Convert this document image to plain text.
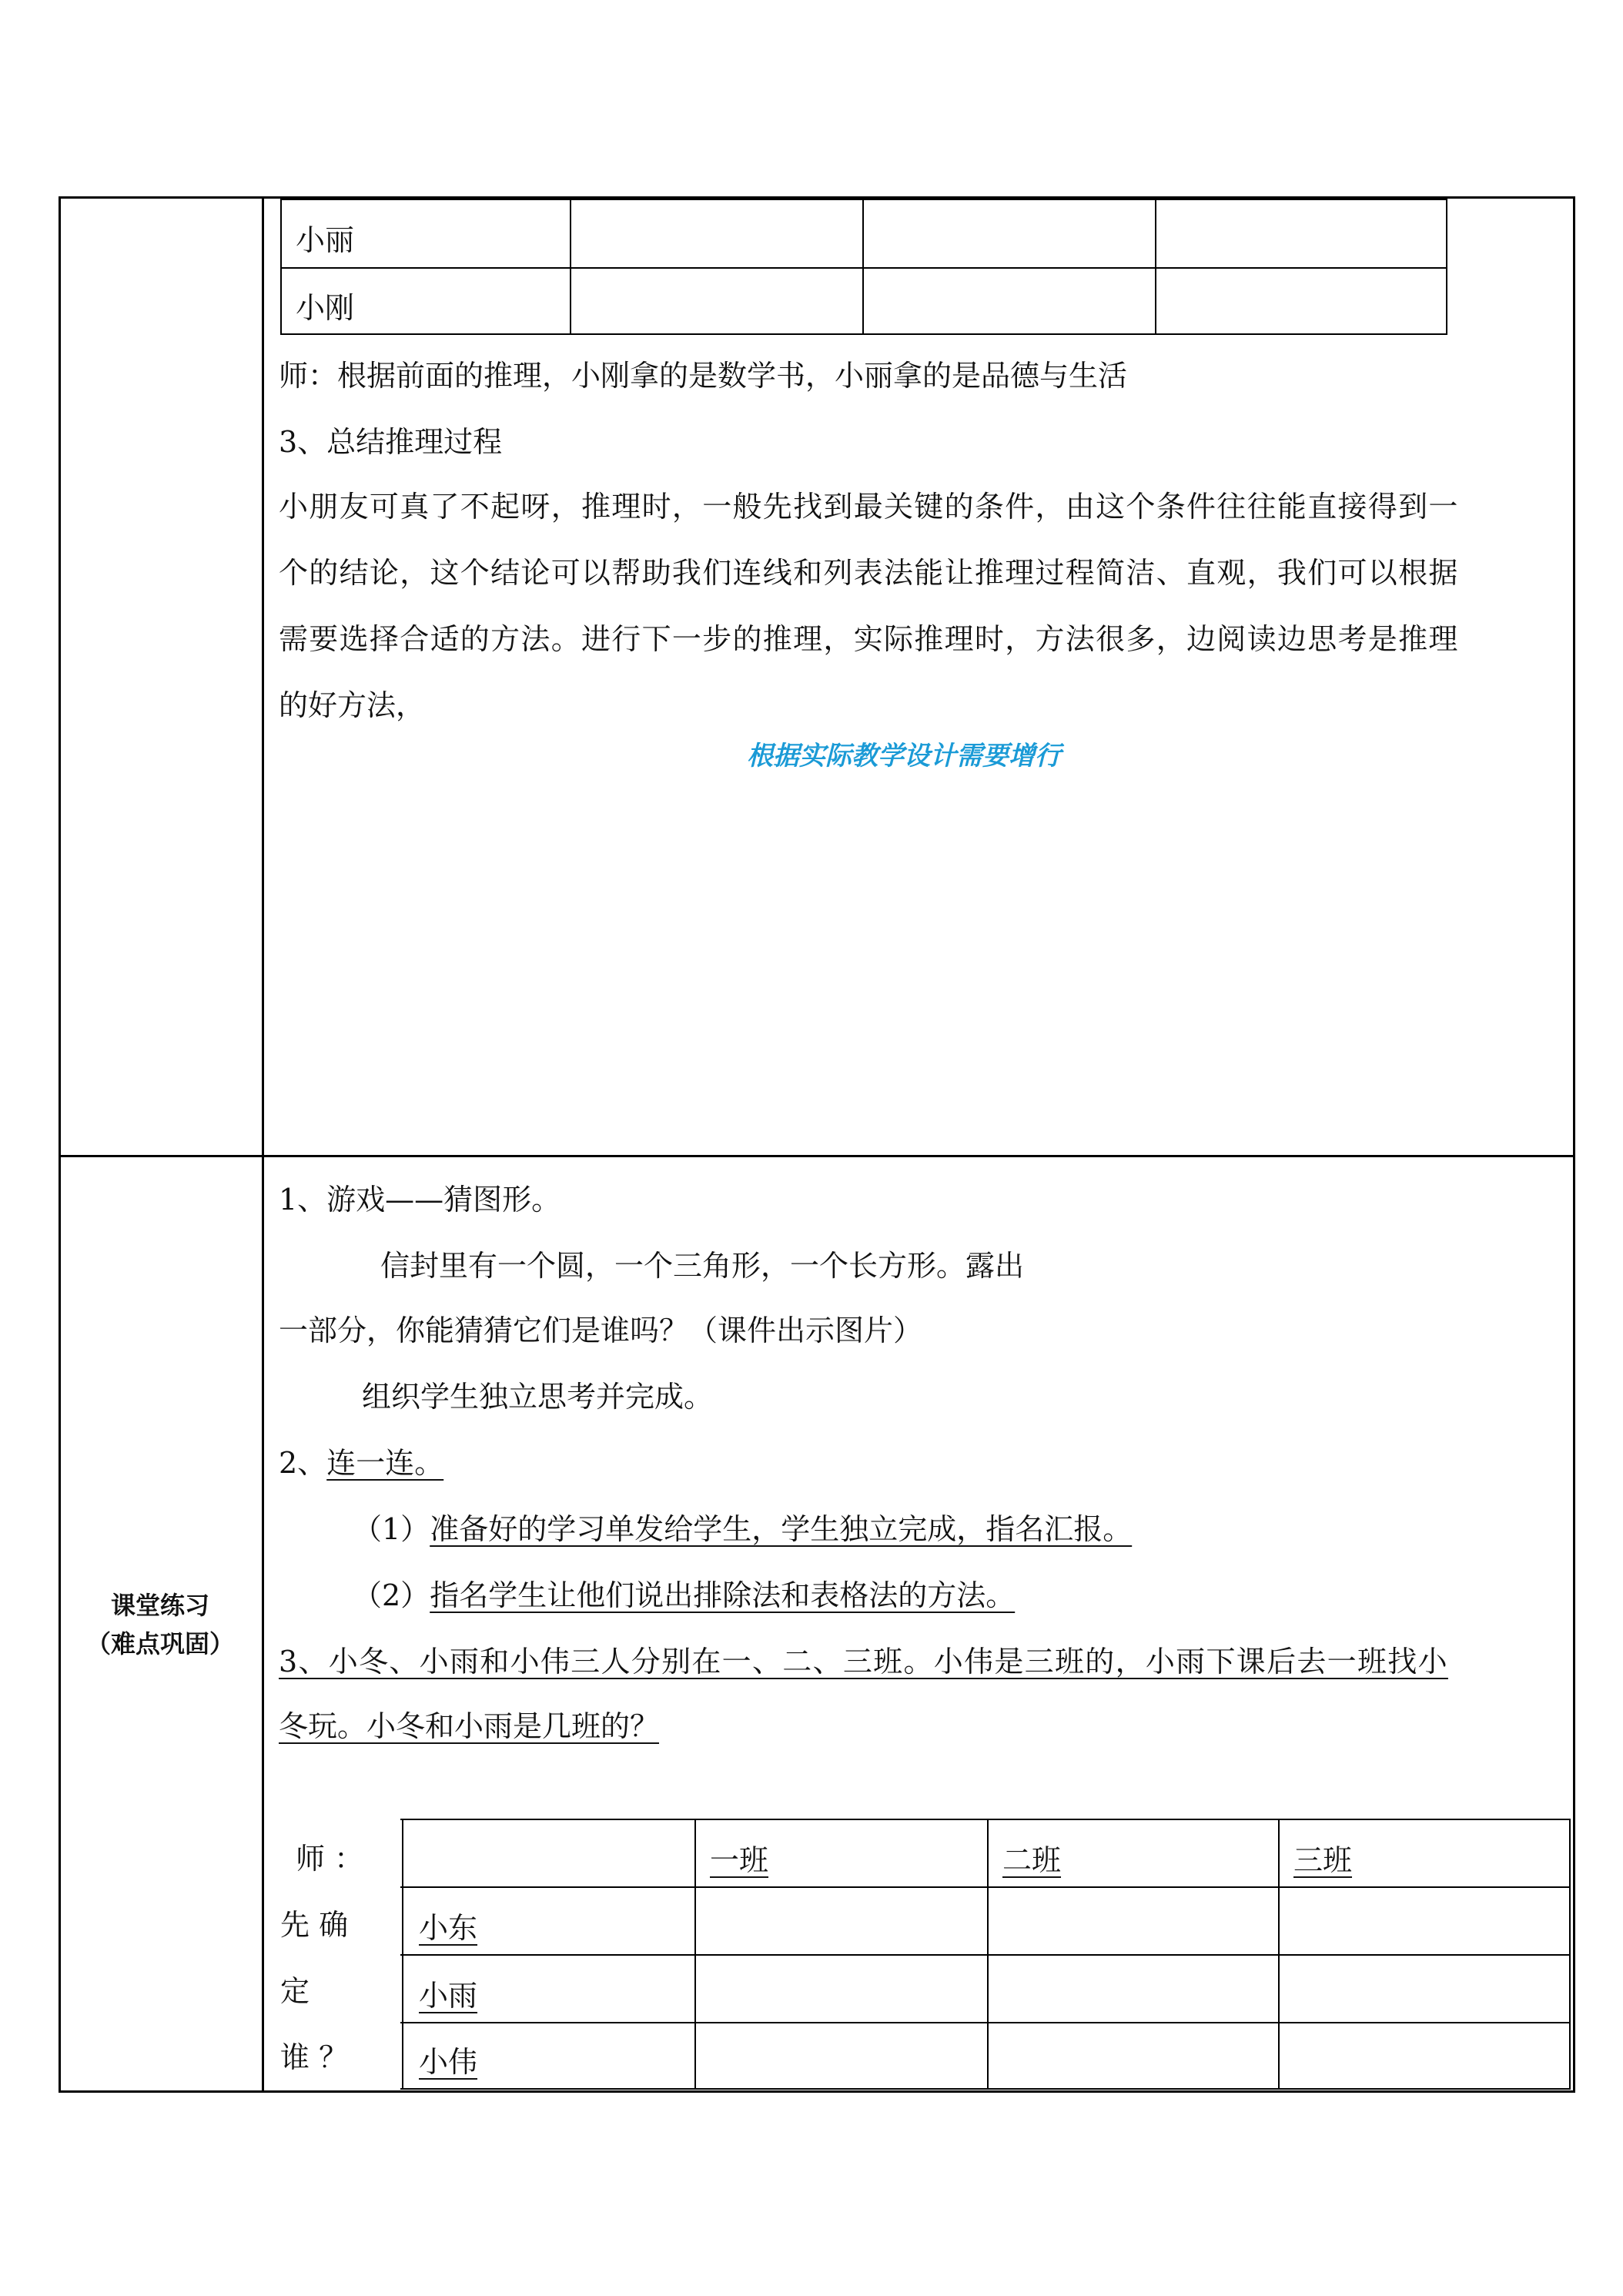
小丽
小刚
师：根据前面的推理，小刚拿的是数学书，小丽拿的是品德与生活
3、总结推理过程
小朋友可真了不起呀，推理时，一般先找到最关键的条件，由这个条件往往能直接得到一
个的结论，这个结论可以帮助我们连线和列表法能让推理过程简洁、直观，我们可以根据
需要选择合适的方法。进行下一步的推理，实际推理时，方法很多，边阅读边思考是推理
的好方法，
根据实际教学设计需要增行
课堂练习
（难点巩固）
1、游戏——猜图形。
信封里有一个圆，一个三角形，一个长方形。露出
一部分，你能猜猜它们是谁吗？（课件出示图片）
组织学生独立思考并完成。
2、连一连。
（1）准备好的学习单发给学生，学生独立完成，指名汇报。
（2）指名学生让他们说出排除法和表格法的方法。
3、小冬、小雨和小伟三人分别在一、二、三班。小伟是三班的，小雨下课后去一班找小
冬玩。小冬和小雨是几班的？
师 ：
先 确
定
谁 ？
一班	二班	三班
小东
小雨
小伟
